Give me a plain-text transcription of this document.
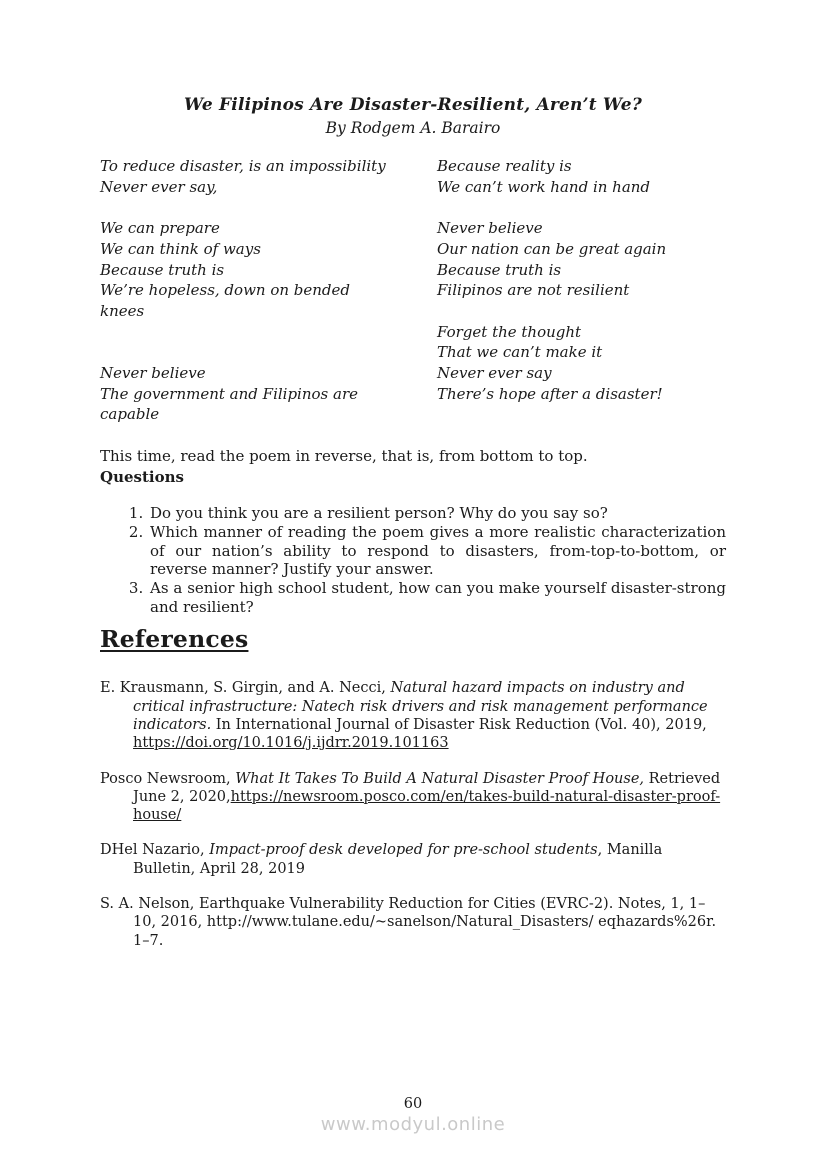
We Filipinos Are Disaster-Resilient, Aren’t We?
By Rodgem A. Barairo
To reduce disaster, is an impossibility
Never ever say,
We can prepare
We can think of ways
Because truth is
We’re hopeless, down on bended
knees
Never believe
The government and Filipinos are
capable
Because reality is
We can’t work hand in hand
Never believe
Our nation can be great again
Because truth is
Filipinos are not resilient
Forget the thought
That we can’t make it
Never ever say
There’s hope after a disaster!

This time, read the poem in reverse, that is, from bottom to top.

Questions

1. Do you think you are a resilient person? Why do you say so?
2. Which manner of reading the poem gives a more realistic characterization of our nation’s ability to respond to disasters, from-top-to-bottom, or reverse manner? Justify your answer.
3. As a senior high school student, how can you make yourself disaster-strong and resilient?
References

E. Krausmann, S. Girgin, and A. Necci, Natural hazard impacts on industry and critical infrastructure: Natech risk drivers and risk management performance indicators. In International Journal of Disaster Risk Reduction (Vol. 40), 2019, https://doi.org/10.1016/j.ijdrr.2019.101163

Posco Newsroom, What It Takes To Build A Natural Disaster Proof House, Retrieved June 2, 2020,https://newsroom.posco.com/en/takes-build-natural-disaster-proof-house/

DHel Nazario, Impact-proof desk developed for pre-school students, Manilla Bulletin, April 28, 2019

S. A. Nelson, Earthquake Vulnerability Reduction for Cities (EVRC-2). Notes, 1, 1–10, 2016, http://www.tulane.edu/~sanelson/Natural_Disasters/ eqhazards%26r. 1–7.

60
www.modyul.online
